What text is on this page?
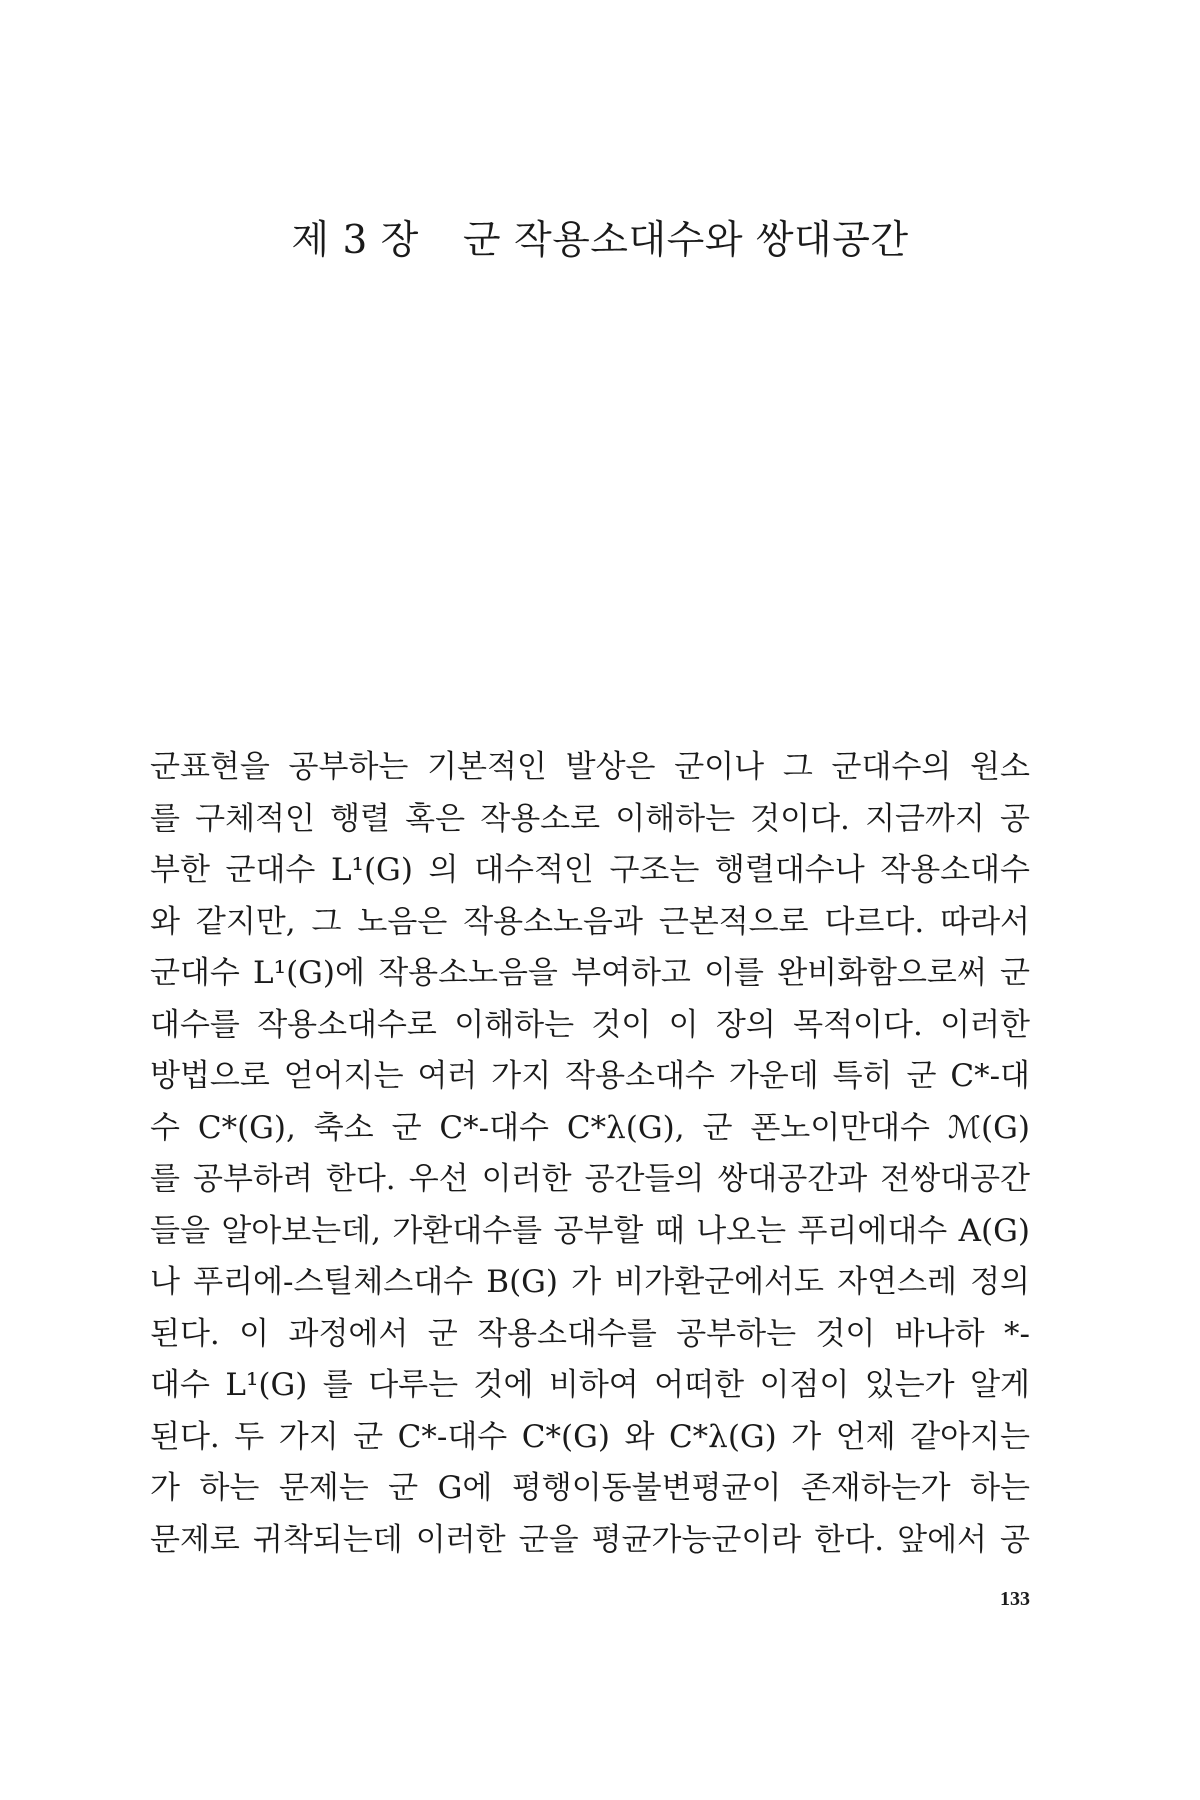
제 3 장 군 작용소대수와 쌍대공간
군표현을 공부하는 기본적인 발상은 군이나 그 군대수의 원소
를 구체적인 행렬 혹은 작용소로 이해하는 것이다. 지금까지 공
부한 군대수 L¹(G) 의 대수적인 구조는 행렬대수나 작용소대수
와 같지만, 그 노음은 작용소노음과 근본적으로 다르다. 따라서
군대수 L¹(G)에 작용소노음을 부여하고 이를 완비화함으로써 군
대수를 작용소대수로 이해하는 것이 이 장의 목적이다. 이러한
방법으로 얻어지는 여러 가지 작용소대수 가운데 특히 군 C*-대
수 C*(G), 축소 군 C*-대수 C*λ(G), 군 폰노이만대수 ℳ(G)
를 공부하려 한다. 우선 이러한 공간들의 쌍대공간과 전쌍대공간
들을 알아보는데, 가환대수를 공부할 때 나오는 푸리에대수 A(G)
나 푸리에-스틸체스대수 B(G) 가 비가환군에서도 자연스레 정의
된다. 이 과정에서 군 작용소대수를 공부하는 것이 바나하 *-
대수 L¹(G) 를 다루는 것에 비하여 어떠한 이점이 있는가 알게
된다. 두 가지 군 C*-대수 C*(G) 와 C*λ(G) 가 언제 같아지는
가 하는 문제는 군 G에 평행이동불변평균이 존재하는가 하는
문제로 귀착되는데 이러한 군을 평균가능군이라 한다. 앞에서 공
133
